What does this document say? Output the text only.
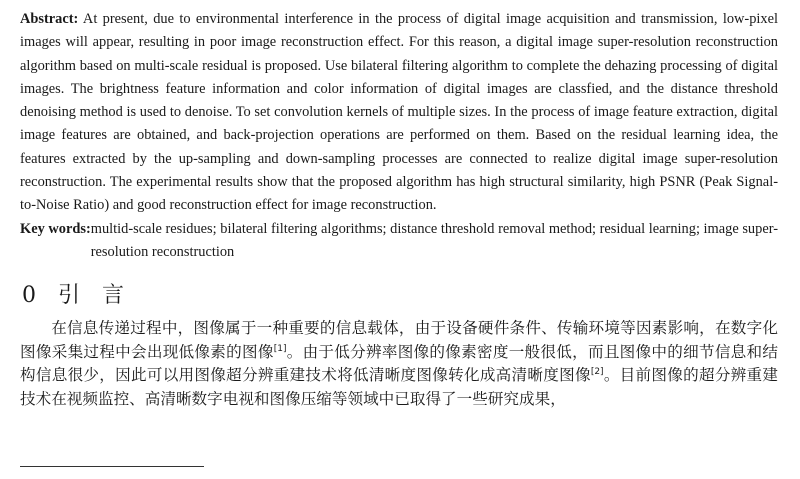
Abstract: At present, due to environmental interference in the process of digital image acquisition and transmission, low-pixel images will appear, resulting in poor image reconstruction effect. For this reason, a digital image super-resolution reconstruction algorithm based on multi-scale residual is proposed. Use bilateral filtering algorithm to complete the dehazing processing of digital images. The brightness feature information and color information of digital images are classfied, and the distance threshold denoising method is used to denoise. To set convolution kernels of multiple sizes. In the process of image feature extraction, digital image features are obtained, and back-projection operations are performed on them. Based on the residual learning idea, the features extracted by the up-sampling and down-sampling processes are connected to realize digital image super-resolution reconstruction. The experimental results show that the proposed algorithm has high structural similarity, high PSNR (Peak Signal-to-Noise Ratio) and good reconstruction effect for image reconstruction.

Key words: multid-scale residues; bilateral filtering algorithms; distance threshold removal method; residual learning; image super-resolution reconstruction
0 引言

在信息传递过程中，图像属于一种重要的信息载体，由于设备硬件条件、传输环境等因素影响，在数字化图像采集过程中会出现低像素的图像[1]。由于低分辨率图像的像素密度一般很低，而且图像中的细节信息和结构信息很少，因此可以用图像超分辨重建技术将低清晰度图像转化成高清晰度图像[2]。目前图像的超分辨重建技术在视频监控、高清晰数字电视和图像压缩等领域中已取得了一些研究成果，
